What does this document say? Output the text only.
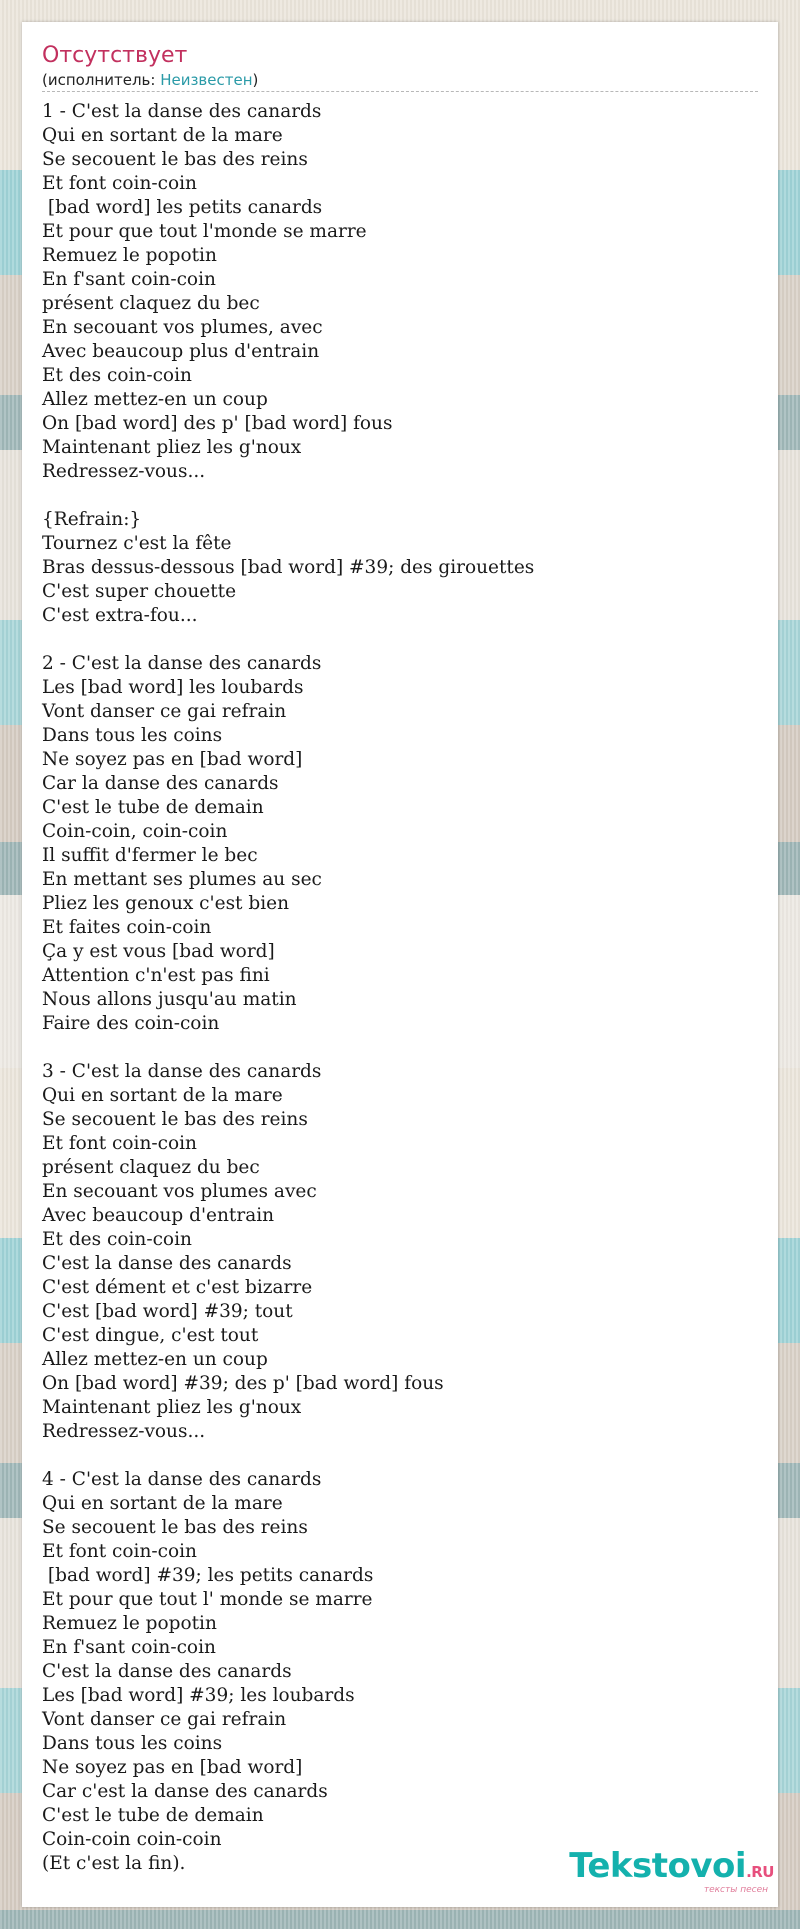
Отсутствует
(исполнитель: Неизвестен)
1 - C'est la danse des canards
Qui en sortant de la mare
Se secouent le bas des reins
Et font coin-coin
[bad word] les petits canards
Et pour que tout l'monde se marre
Remuez le popotin
En f'sant coin-coin
présent claquez du bec
En secouant vos plumes, avec
Avec beaucoup plus d'entrain
Et des coin-coin
Allez mettez-en un coup
On [bad word] des p' [bad word] fous
Maintenant pliez les g'noux
Redressez-vous...
{Refrain:}
Tournez c'est la fête
Bras dessus-dessous [bad word] #39; des girouettes
C'est super chouette
C'est extra-fou...
2 - C'est la danse des canards
Les [bad word] les loubards
Vont danser ce gai refrain
Dans tous les coins
Ne soyez pas en [bad word]
Car la danse des canards
C'est le tube de demain
Coin-coin, coin-coin
Il suffit d'fermer le bec
En mettant ses plumes au sec
Pliez les genoux c'est bien
Et faites coin-coin
Ça y est vous [bad word]
Attention c'n'est pas fini
Nous allons jusqu'au matin
Faire des coin-coin
3 - C'est la danse des canards
Qui en sortant de la mare
Se secouent le bas des reins
Et font coin-coin
présent claquez du bec
En secouant vos plumes avec
Avec beaucoup d'entrain
Et des coin-coin
C'est la danse des canards
C'est dément et c'est bizarre
C'est [bad word] #39; tout
C'est dingue, c'est tout
Allez mettez-en un coup
On [bad word] #39; des p' [bad word] fous
Maintenant pliez les g'noux
Redressez-vous...
4 - C'est la danse des canards
Qui en sortant de la mare
Se secouent le bas des reins
Et font coin-coin
[bad word] #39; les petits canards
Et pour que tout l' monde se marre
Remuez le popotin
En f'sant coin-coin
C'est la danse des canards
Les [bad word] #39; les loubards
Vont danser ce gai refrain
Dans tous les coins
Ne soyez pas en [bad word]
Car c'est la danse des canards
C'est le tube de demain
Coin-coin coin-coin
(Et c'est la fin).	Tekstovoi.RU
тексты песен
